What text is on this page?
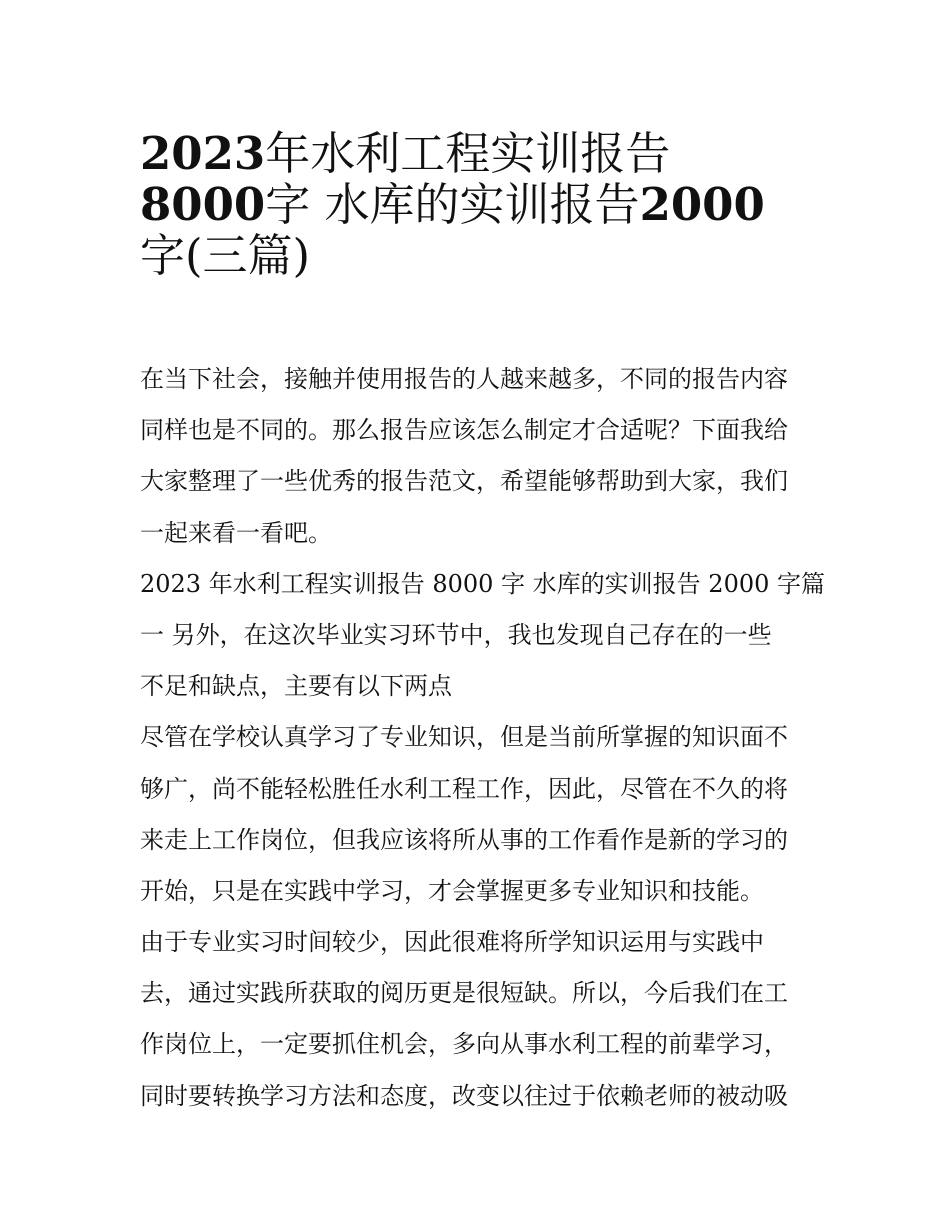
2023年水利工程实训报告
8000字 水库的实训报告2000
字(三篇)

在当下社会，接触并使用报告的人越来越多，不同的报告内容
同样也是不同的。那么报告应该怎么制定才合适呢？下面我给
大家整理了一些优秀的报告范文，希望能够帮助到大家，我们
一起来看一看吧。

2023 年水利工程实训报告 8000 字 水库的实训报告 2000 字篇
一 另外，在这次毕业实习环节中，我也发现自己存在的一些
不足和缺点，主要有以下两点

尽管在学校认真学习了专业知识，但是当前所掌握的知识面不
够广，尚不能轻松胜任水利工程工作，因此，尽管在不久的将
来走上工作岗位，但我应该将所从事的工作看作是新的学习的
开始，只是在实践中学习，才会掌握更多专业知识和技能。

由于专业实习时间较少，因此很难将所学知识运用与实践中
去，通过实践所获取的阅历更是很短缺。所以，今后我们在工
作岗位上，一定要抓住机会，多向从事水利工程的前辈学习，
同时要转换学习方法和态度，改变以往过于依赖老师的被动吸
